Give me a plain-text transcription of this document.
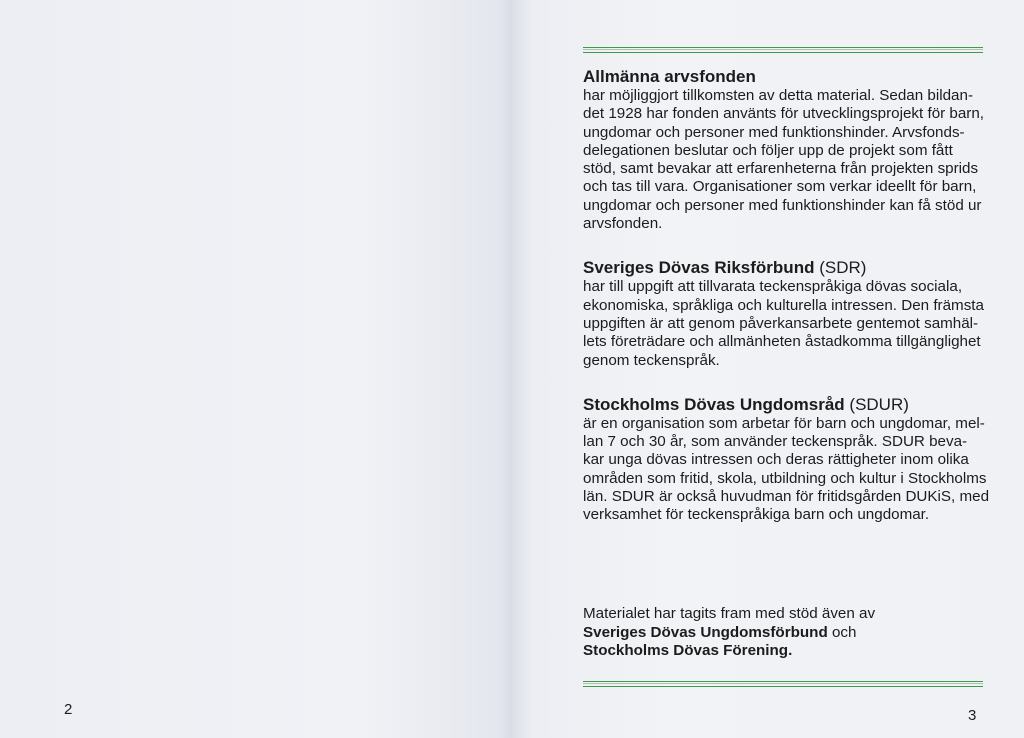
2
Allmänna arvsfonden
har möjliggjort tillkomsten av detta material. Sedan bildan-
det 1928 har fonden använts för utvecklingsprojekt för barn,
ungdomar och personer med funktionshinder. Arvsfonds-
delegationen beslutar och följer upp de projekt som fått
stöd, samt bevakar att erfarenheterna från projekten sprids
och tas till vara. Organisationer som verkar ideellt för barn,
ungdomar och personer med funktionshinder kan få stöd ur
arvsfonden.
Sveriges Dövas Riksförbund (SDR)
har till uppgift att tillvarata teckenspråkiga dövas sociala,
ekonomiska, språkliga och kulturella intressen. Den främsta
uppgiften är att genom påverkansarbete gentemot samhäl-
lets företrädare och allmänheten åstadkomma tillgänglighet
genom teckenspråk.
Stockholms Dövas Ungdomsråd (SDUR)
är en organisation som arbetar för barn och ungdomar, mel-
lan 7 och 30 år, som använder teckenspråk. SDUR beva-
kar unga dövas intressen och deras rättigheter inom olika
områden som fritid, skola, utbildning och kultur i Stockholms
län. SDUR är också huvudman för fritidsgården DUKiS, med
verksamhet för teckenspråkiga barn och ungdomar.
Materialet har tagits fram med stöd även av
Sveriges Dövas Ungdomsförbund och
Stockholms Dövas Förening.
3
